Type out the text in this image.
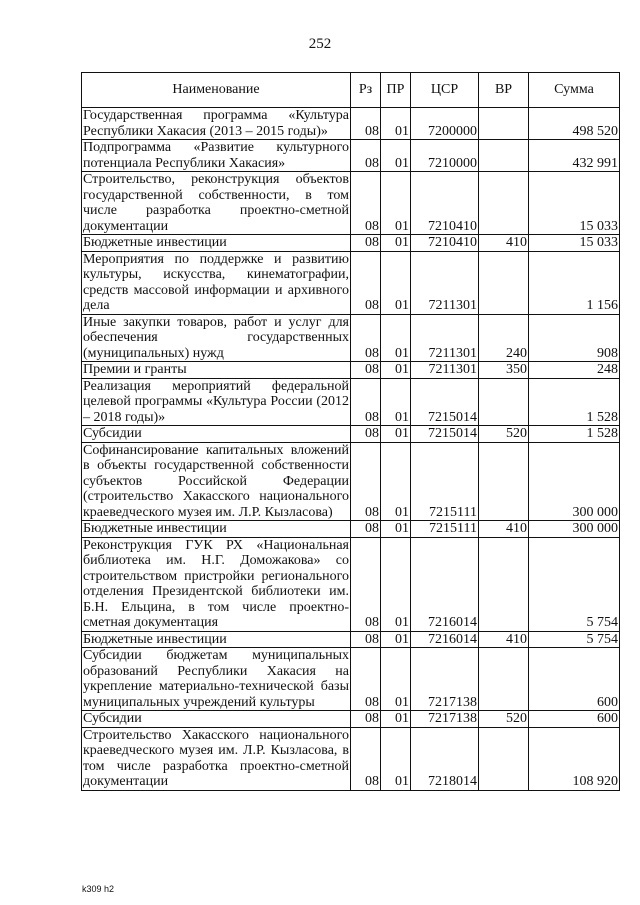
252
Наименование	Рз	ПР	ЦСР	ВР	Сумма
Государственная программа «Культура Республики Хакасия (2013 – 2015 годы)»	08	01	7200000		498 520
Подпрограмма «Развитие культурного потенциала Республики Хакасия»	08	01	7210000		432 991
Строительство, реконструкция объектов государственной собственности, в том числе разработка проектно-сметной документации	08	01	7210410		15 033
Бюджетные инвестиции	08	01	7210410	410	15 033
Мероприятия по поддержке и развитию культуры, искусства, кинематографии, средств массовой информации и архивного дела	08	01	7211301		1 156
Иные закупки товаров, работ и услуг для обеспечения государственных (муниципальных) нужд	08	01	7211301	240	908
Премии и гранты	08	01	7211301	350	248
Реализация мероприятий федеральной целевой программы «Культура России (2012 – 2018 годы)»	08	01	7215014		1 528
Субсидии	08	01	7215014	520	1 528
Софинансирование капитальных вложений в объекты государственной собственности субъектов Российской Федерации (строительство Хакасского национального краеведческого музея им. Л.Р. Кызласова)	08	01	7215111		300 000
Бюджетные инвестиции	08	01	7215111	410	300 000
Реконструкция ГУК РХ «Национальная библиотека им. Н.Г. Доможакова» со строительством пристройки регионального отделения Президентской библиотеки им. Б.Н. Ельцина, в том числе проектно-сметная документация	08	01	7216014		5 754
Бюджетные инвестиции	08	01	7216014	410	5 754
Субсидии бюджетам муниципальных образований Республики Хакасия на укрепление материально-технической базы муниципальных учреждений культуры	08	01	7217138		600
Субсидии	08	01	7217138	520	600
Строительство Хакасского национального краеведческого музея им. Л.Р. Кызласова, в том числе разработка проектно-сметной документации	08	01	7218014		108 920
k309 h2
